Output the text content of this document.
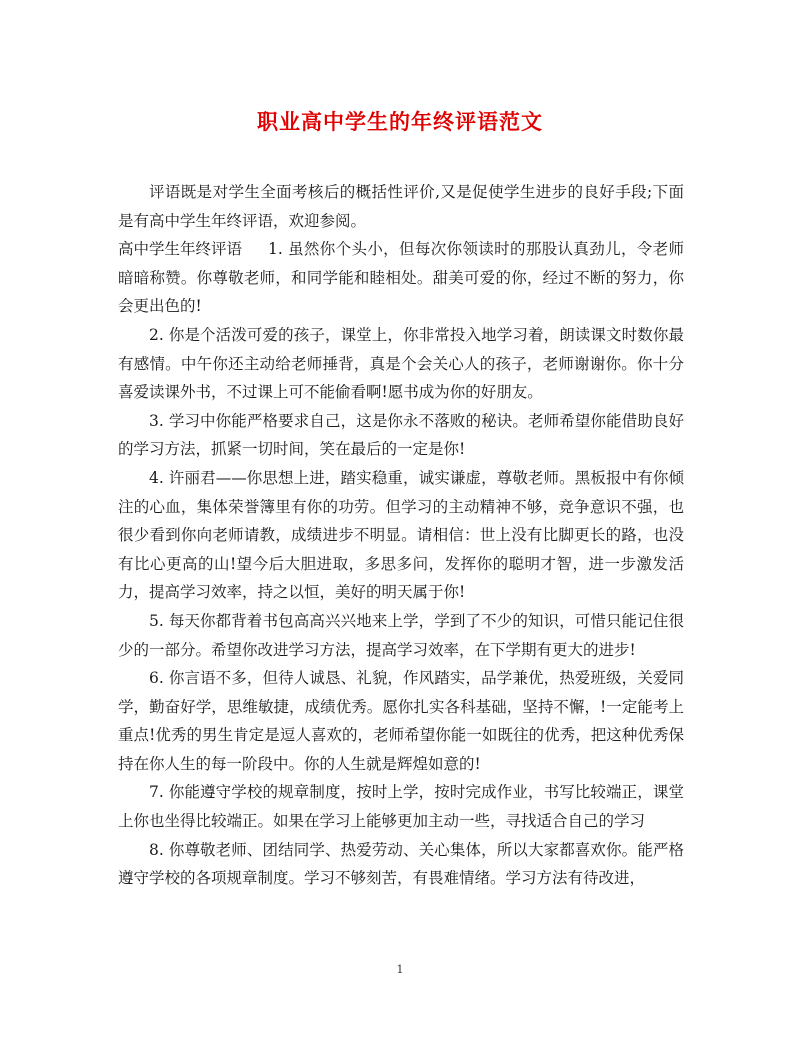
职业高中学生的年终评语范文

评语既是对学生全面考核后的概括性评价,又是促使学生进步的良好手段;下面是有高中学生年终评语，欢迎参阅。

高中学生年终评语 1. 虽然你个头小，但每次你领读时的那股认真劲儿，令老师暗暗称赞。你尊敬老师，和同学能和睦相处。甜美可爱的你，经过不断的努力，你会更出色的!

2. 你是个活泼可爱的孩子，课堂上，你非常投入地学习着，朗读课文时数你最有感情。中午你还主动给老师捶背，真是个会关心人的孩子，老师谢谢你。你十分喜爱读课外书，不过课上可不能偷看啊!愿书成为你的好朋友。

3. 学习中你能严格要求自己，这是你永不落败的秘诀。老师希望你能借助良好的学习方法，抓紧一切时间，笑在最后的一定是你!

4. 许丽君——你思想上进，踏实稳重，诚实谦虚，尊敬老师。黑板报中有你倾注的心血，集体荣誉簿里有你的功劳。但学习的主动精神不够，竞争意识不强，也很少看到你向老师请教，成绩进步不明显。请相信：世上没有比脚更长的路，也没有比心更高的山!望今后大胆进取，多思多问，发挥你的聪明才智，进一步激发活力，提高学习效率，持之以恒，美好的明天属于你!

5. 每天你都背着书包高高兴兴地来上学，学到了不少的知识，可惜只能记住很少的一部分。希望你改进学习方法，提高学习效率，在下学期有更大的进步!

6. 你言语不多，但待人诚恳、礼貌，作风踏实，品学兼优，热爱班级，关爱同学，勤奋好学，思维敏捷，成绩优秀。愿你扎实各科基础，坚持不懈，!一定能考上重点!优秀的男生肯定是逗人喜欢的，老师希望你能一如既往的优秀，把这种优秀保持在你人生的每一阶段中。你的人生就是辉煌如意的!

7. 你能遵守学校的规章制度，按时上学，按时完成作业，书写比较端正，课堂上你也坐得比较端正。如果在学习上能够更加主动一些，寻找适合自己的学习

8. 你尊敬老师、团结同学、热爱劳动、关心集体，所以大家都喜欢你。能严格遵守学校的各项规章制度。学习不够刻苦，有畏难情绪。学习方法有待改进，

1
